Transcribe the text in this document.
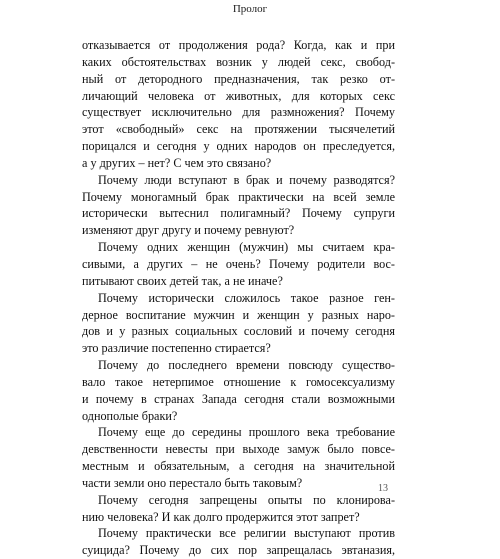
Пролог
отказывается от продолжения рода? Когда, как и при
каких обстоятельствах возник у людей секс, свобод-
ный от детородного предназначения, так резко от-
личающий человека от животных, для которых секс
существует исключительно для размножения? Почему
этот «свободный» секс на протяжении тысячелетий
порицался и сегодня у одних народов он преследуется,
а у других – нет? С чем это связано?
Почему люди вступают в брак и почему разводятся?
Почему моногамный брак практически на всей земле
исторически вытеснил полигамный? Почему супруги
изменяют друг другу и почему ревнуют?
Почему одних женщин (мужчин) мы считаем кра-
сивыми, а других – не очень? Почему родители вос-
питывают своих детей так, а не иначе?
Почему исторически сложилось такое разное ген-
дерное воспитание мужчин и женщин у разных наро-
дов и у разных социальных сословий и почему сегодня
это различие постепенно стирается?
Почему до последнего времени повсюду существо-
вало такое нетерпимое отношение к гомосексуализму
и почему в странах Запада сегодня стали возможными
однополые браки?
Почему еще до середины прошлого века требование
девственности невесты при выходе замуж было повсе-
местным и обязательным, а сегодня на значительной
части земли оно перестало быть таковым?
Почему сегодня запрещены опыты по клонирова-
нию человека? И как долго продержится этот запрет?
Почему практически все религии выступают против
суицида? Почему до сих пор запрещалась эвтаназия,
13
